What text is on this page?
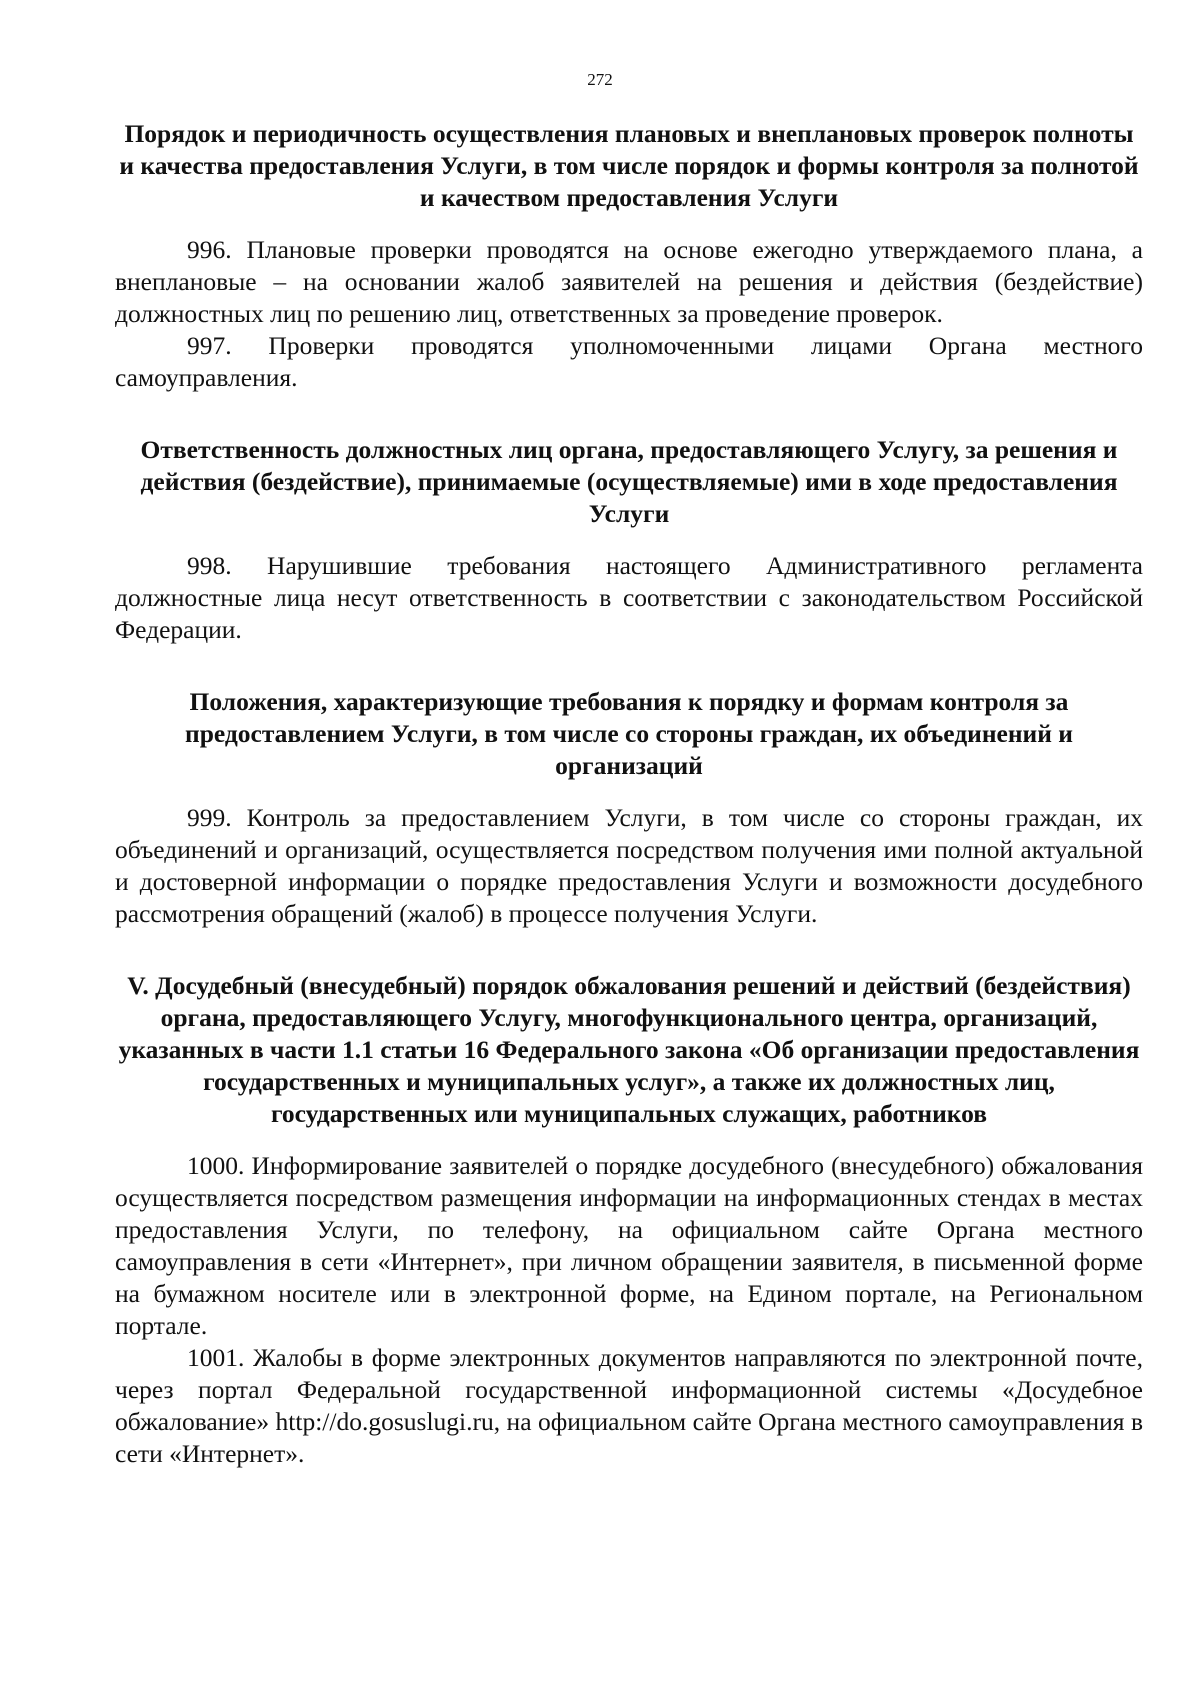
272

Порядок и периодичность осуществления плановых и внеплановых проверок полноты и качества предоставления Услуги, в том числе порядок и формы контроля за полнотой и качеством предоставления Услуги

996. Плановые проверки проводятся на основе ежегодно утверждаемого плана, а внеплановые – на основании жалоб заявителей на решения и действия (бездействие) должностных лиц по решению лиц, ответственных за проведение проверок.

997. Проверки проводятся уполномоченными лицами Органа местного самоуправления.

Ответственность должностных лиц органа, предоставляющего Услугу, за решения и действия (бездействие), принимаемые (осуществляемые) ими в ходе предоставления Услуги

998. Нарушившие требования настоящего Административного регламента должностные лица несут ответственность в соответствии с законодательством Российской Федерации.

Положения, характеризующие требования к порядку и формам контроля за предоставлением Услуги, в том числе со стороны граждан, их объединений и организаций

999. Контроль за предоставлением Услуги, в том числе со стороны граждан, их объединений и организаций, осуществляется посредством получения ими полной актуальной и достоверной информации о порядке предоставления Услуги и возможности досудебного рассмотрения обращений (жалоб) в процессе получения Услуги.

V. Досудебный (внесудебный) порядок обжалования решений и действий (бездействия) органа, предоставляющего Услугу, многофункционального центра, организаций, указанных в части 1.1 статьи 16 Федерального закона «Об организации предоставления государственных и муниципальных услуг», а также их должностных лиц, государственных или муниципальных служащих, работников

1000. Информирование заявителей о порядке досудебного (внесудебного) обжалования осуществляется посредством размещения информации на информационных стендах в местах предоставления Услуги, по телефону, на официальном сайте Органа местного самоуправления в сети «Интернет», при личном обращении заявителя, в письменной форме на бумажном носителе или в электронной форме, на Едином портале, на Региональном портале.

1001. Жалобы в форме электронных документов направляются по электронной почте, через портал Федеральной государственной информационной системы «Досудебное обжалование» http://do.gosuslugi.ru, на официальном сайте Органа местного самоуправления в сети «Интернет».
